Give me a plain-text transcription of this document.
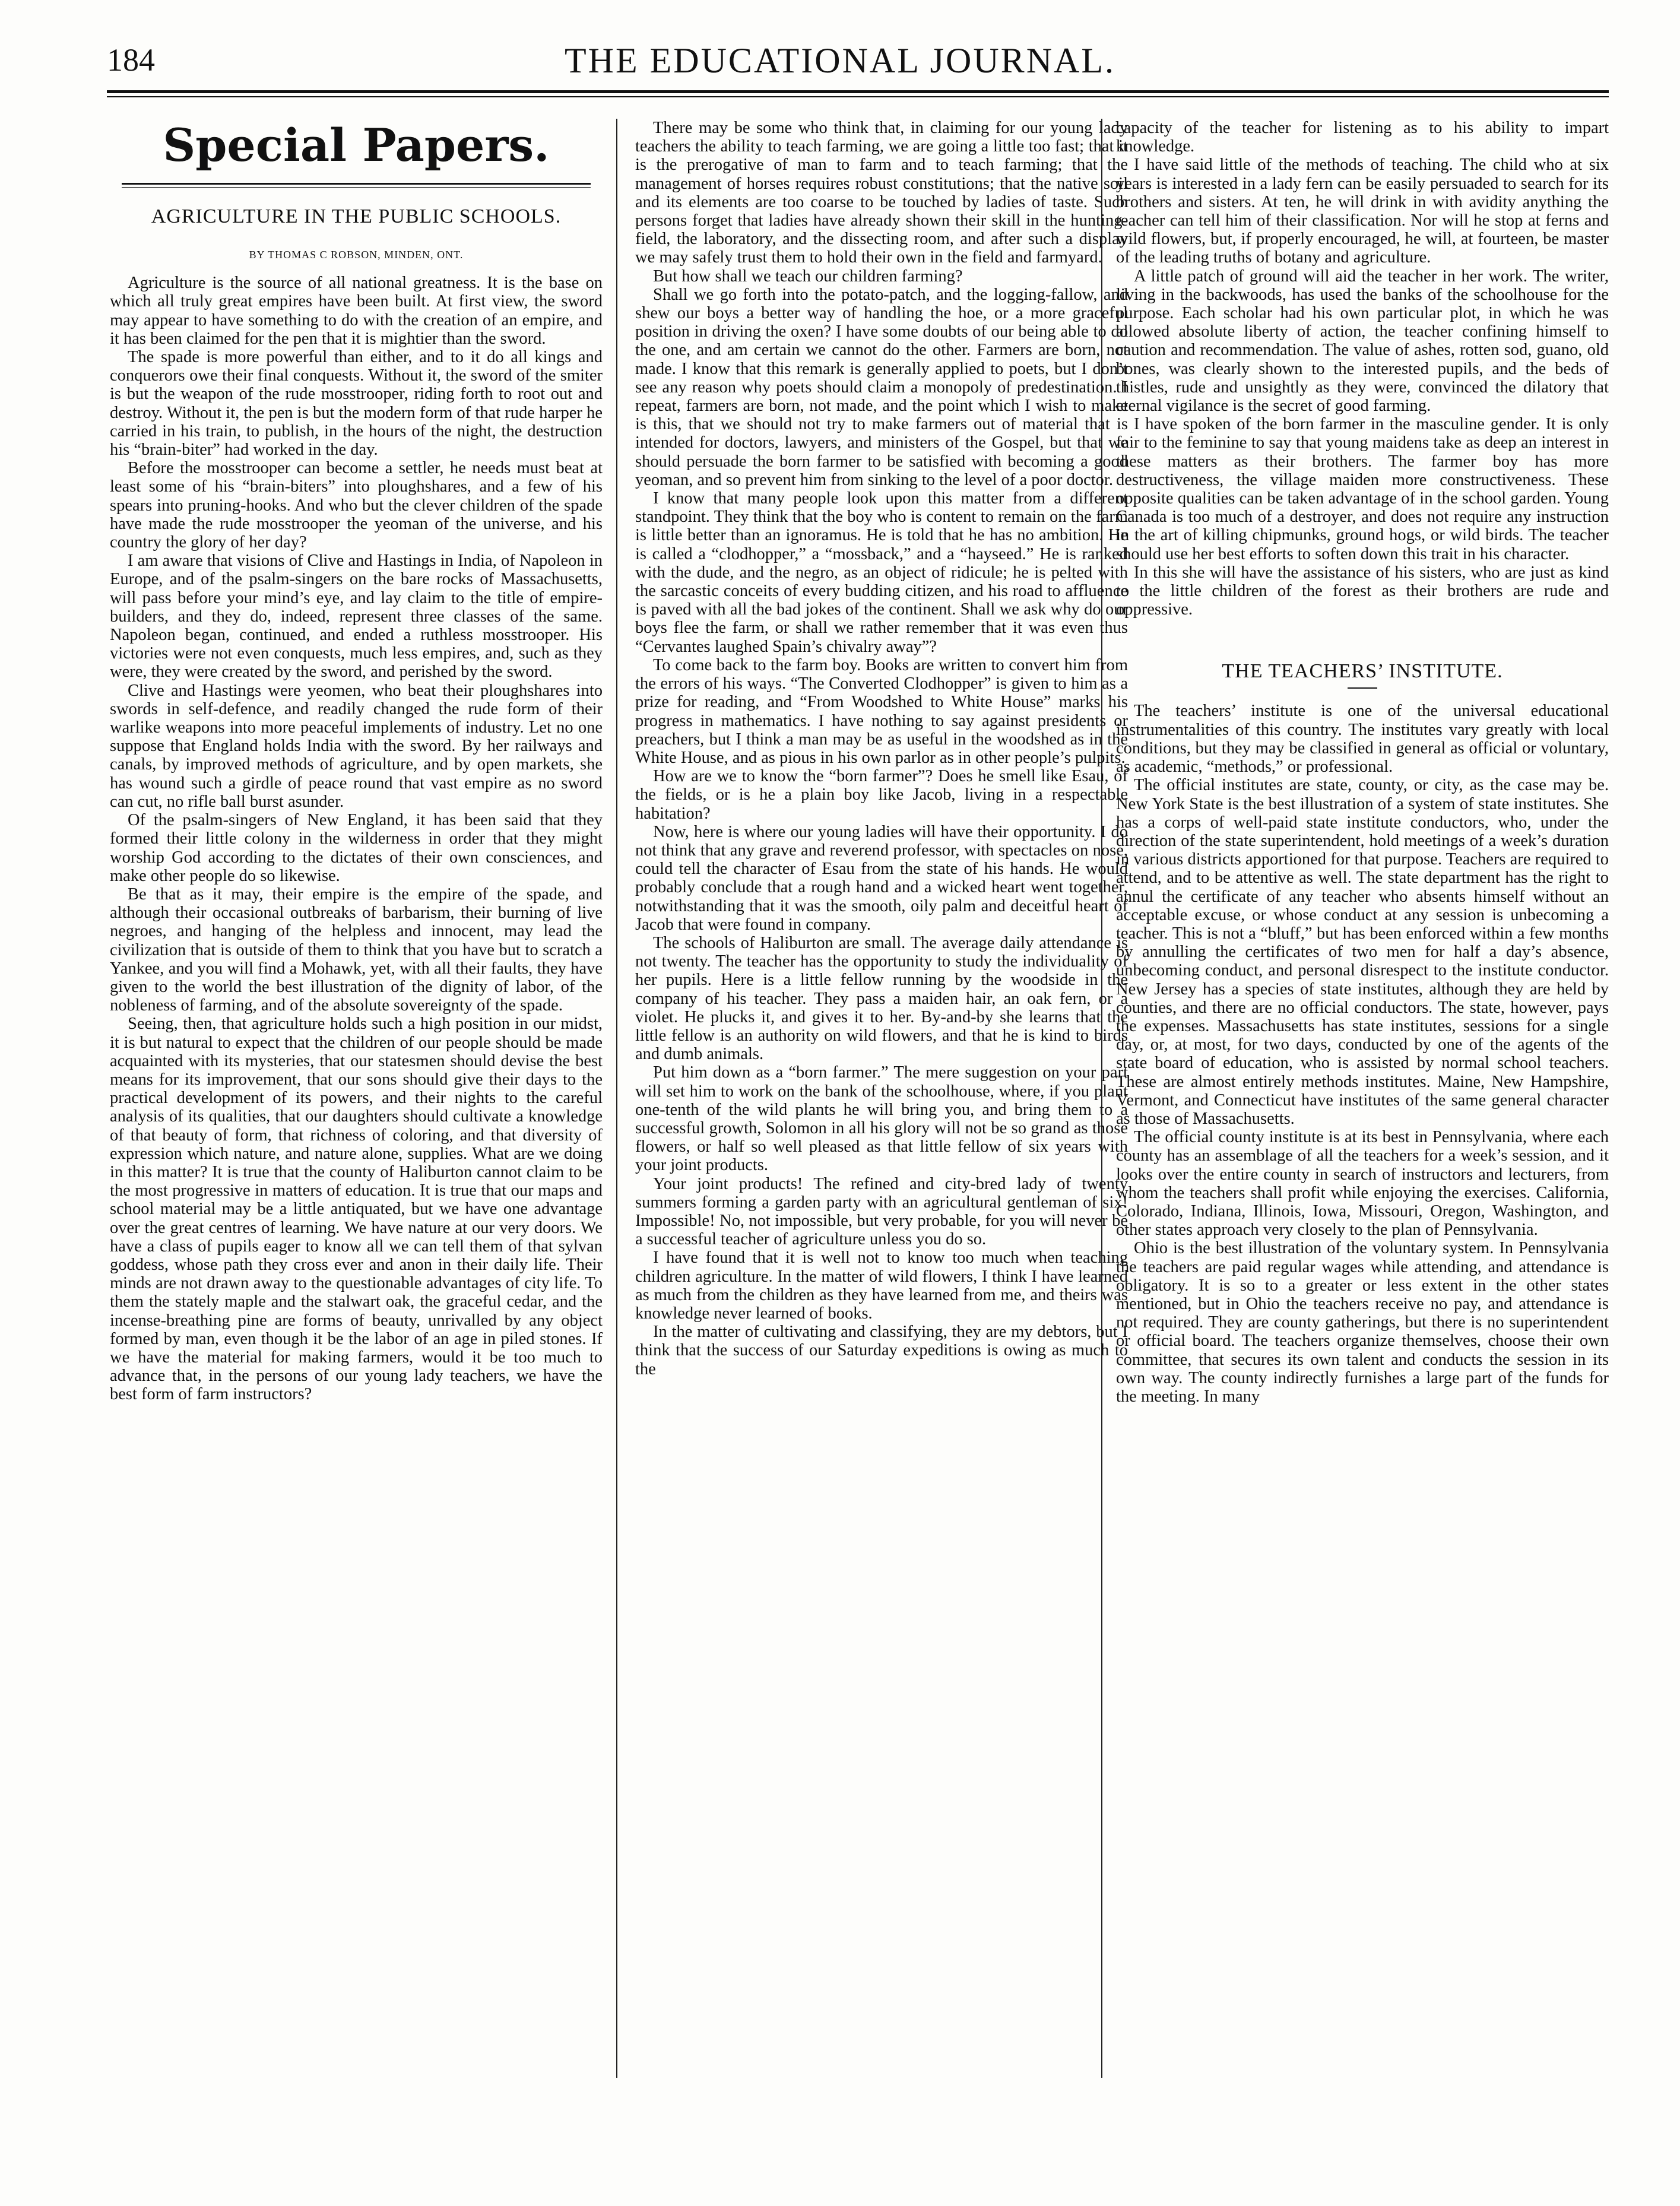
184	THE EDUCATIONAL JOURNAL.
Special Papers.
AGRICULTURE IN THE PUBLIC SCHOOLS.
BY THOMAS C ROBSON, MINDEN, ONT.

Agriculture is the source of all national greatness. It is the base on which all truly great empires have been built. At first view, the sword may appear to have something to do with the creation of an empire, and it has been claimed for the pen that it is mightier than the sword.

The spade is more powerful than either, and to it do all kings and conquerors owe their final conquests. Without it, the sword of the smiter is but the weapon of the rude mosstrooper, riding forth to root out and destroy. Without it, the pen is but the modern form of that rude harper he carried in his train, to publish, in the hours of the night, the destruction his “brain-biter” had worked in the day.

Before the mosstrooper can become a settler, he needs must beat at least some of his “brain-biters” into ploughshares, and a few of his spears into pruning-hooks. And who but the clever children of the spade have made the rude mosstrooper the yeoman of the universe, and his country the glory of her day?

I am aware that visions of Clive and Hastings in India, of Napoleon in Europe, and of the psalm-singers on the bare rocks of Massachusetts, will pass before your mind’s eye, and lay claim to the title of empire-builders, and they do, indeed, represent three classes of the same. Napoleon began, continued, and ended a ruthless mosstrooper. His victories were not even conquests, much less empires, and, such as they were, they were created by the sword, and perished by the sword.

Clive and Hastings were yeomen, who beat their ploughshares into swords in self-defence, and readily changed the rude form of their warlike weapons into more peaceful implements of industry. Let no one suppose that England holds India with the sword. By her railways and canals, by improved methods of agriculture, and by open markets, she has wound such a girdle of peace round that vast empire as no sword can cut, no rifle ball burst asunder.

Of the psalm-singers of New England, it has been said that they formed their little colony in the wilderness in order that they might worship God according to the dictates of their own consciences, and make other people do so likewise.

Be that as it may, their empire is the empire of the spade, and although their occasional outbreaks of barbarism, their burning of live negroes, and hanging of the helpless and innocent, may lead the civilization that is outside of them to think that you have but to scratch a Yankee, and you will find a Mohawk, yet, with all their faults, they have given to the world the best illustration of the dignity of labor, of the nobleness of farming, and of the absolute sovereignty of the spade.

Seeing, then, that agriculture holds such a high position in our midst, it is but natural to expect that the children of our people should be made acquainted with its mysteries, that our statesmen should devise the best means for its improvement, that our sons should give their days to the practical development of its powers, and their nights to the careful analysis of its qualities, that our daughters should cultivate a knowledge of that beauty of form, that richness of coloring, and that diversity of expression which nature, and nature alone, supplies. What are we doing in this matter? It is true that the county of Haliburton cannot claim to be the most progressive in matters of education. It is true that our maps and school material may be a little antiquated, but we have one advantage over the great centres of learning. We have nature at our very doors. We have a class of pupils eager to know all we can tell them of that sylvan goddess, whose path they cross ever and anon in their daily life. Their minds are not drawn away to the questionable advantages of city life. To them the stately maple and the stalwart oak, the graceful cedar, and the incense-breathing pine are forms of beauty, unrivalled by any object formed by man, even though it be the labor of an age in piled stones. If we have the material for making farmers, would it be too much to advance that, in the persons of our young lady teachers, we have the best form of farm instructors?

There may be some who think that, in claiming for our young lady teachers the ability to teach farming, we are going a little too fast; that it is the prerogative of man to farm and to teach farming; that the management of horses requires robust constitutions; that the native soil and its elements are too coarse to be touched by ladies of taste. Such persons forget that ladies have already shown their skill in the hunting-field, the laboratory, and the dissecting room, and after such a display we may safely trust them to hold their own in the field and farmyard.

But how shall we teach our children farming?

Shall we go forth into the potato-patch, and the logging-fallow, and shew our boys a better way of handling the hoe, or a more graceful position in driving the oxen? I have some doubts of our being able to do the one, and am certain we cannot do the other. Farmers are born, not made. I know that this remark is generally applied to poets, but I don’t see any reason why poets should claim a monopoly of predestination. I repeat, farmers are born, not made, and the point which I wish to make is this, that we should not try to make farmers out of material that is intended for doctors, lawyers, and ministers of the Gospel, but that we should persuade the born farmer to be satisfied with becoming a good yeoman, and so prevent him from sinking to the level of a poor doctor.

I know that many people look upon this matter from a different standpoint. They think that the boy who is content to remain on the farm is little better than an ignoramus. He is told that he has no ambition. He is called a “clodhopper,” a “mossback,” and a “hayseed.” He is ranked with the dude, and the negro, as an object of ridicule; he is pelted with the sarcastic conceits of every budding citizen, and his road to affluence is paved with all the bad jokes of the continent. Shall we ask why do our boys flee the farm, or shall we rather remember that it was even thus “Cervantes laughed Spain’s chivalry away”?

To come back to the farm boy. Books are written to convert him from the errors of his ways. “The Converted Clodhopper” is given to him as a prize for reading, and “From Woodshed to White House” marks his progress in mathematics. I have nothing to say against presidents or preachers, but I think a man may be as useful in the woodshed as in the White House, and as pious in his own parlor as in other people’s pulpits.

How are we to know the “born farmer”? Does he smell like Esau, of the fields, or is he a plain boy like Jacob, living in a respectable habitation?

Now, here is where our young ladies will have their opportunity. I do not think that any grave and reverend professor, with spectacles on nose, could tell the character of Esau from the state of his hands. He would probably conclude that a rough hand and a wicked heart went together, notwithstanding that it was the smooth, oily palm and deceitful heart of Jacob that were found in company.

The schools of Haliburton are small. The average daily attendance is not twenty. The teacher has the opportunity to study the individuality of her pupils. Here is a little fellow running by the woodside in the company of his teacher. They pass a maiden hair, an oak fern, or a violet. He plucks it, and gives it to her. By-and-by she learns that the little fellow is an authority on wild flowers, and that he is kind to birds and dumb animals.

Put him down as a “born farmer.” The mere suggestion on your part will set him to work on the bank of the schoolhouse, where, if you plant one-tenth of the wild plants he will bring you, and bring them to a successful growth, Solomon in all his glory will not be so grand as those flowers, or half so well pleased as that little fellow of six years with your joint products.

Your joint products! The refined and city-bred lady of twenty summers forming a garden party with an agricultural gentleman of six! Impossible! No, not impossible, but very probable, for you will never be a successful teacher of agriculture unless you do so.

I have found that it is well not to know too much when teaching children agriculture. In the matter of wild flowers, I think I have learned as much from the children as they have learned from me, and theirs was knowledge never learned of books.

In the matter of cultivating and classifying, they are my debtors, but I think that the success of our Saturday expeditions is owing as much to the

capacity of the teacher for listening as to his ability to impart knowledge.

I have said little of the methods of teaching. The child who at six years is interested in a lady fern can be easily persuaded to search for its brothers and sisters. At ten, he will drink in with avidity anything the teacher can tell him of their classification. Nor will he stop at ferns and wild flowers, but, if properly encouraged, he will, at fourteen, be master of the leading truths of botany and agriculture.

A little patch of ground will aid the teacher in her work. The writer, living in the backwoods, has used the banks of the schoolhouse for the purpose. Each scholar had his own particular plot, in which he was allowed absolute liberty of action, the teacher confining himself to caution and recommendation. The value of ashes, rotten sod, guano, old bones, was clearly shown to the interested pupils, and the beds of thistles, rude and unsightly as they were, convinced the dilatory that eternal vigilance is the secret of good farming.

I have spoken of the born farmer in the masculine gender. It is only fair to the feminine to say that young maidens take as deep an interest in these matters as their brothers. The farmer boy has more destructiveness, the village maiden more constructiveness. These opposite qualities can be taken advantage of in the school garden. Young Canada is too much of a destroyer, and does not require any instruction in the art of killing chipmunks, ground hogs, or wild birds. The teacher should use her best efforts to soften down this trait in his character.

In this she will have the assistance of his sisters, who are just as kind to the little children of the forest as their brothers are rude and oppressive.

THE TEACHERS’ INSTITUTE.

The teachers’ institute is one of the universal educational instrumentalities of this country. The institutes vary greatly with local conditions, but they may be classified in general as official or voluntary, as academic, “methods,” or professional.

The official institutes are state, county, or city, as the case may be. New York State is the best illustration of a system of state institutes. She has a corps of well-paid state institute conductors, who, under the direction of the state superintendent, hold meetings of a week’s duration in various districts apportioned for that purpose. Teachers are required to attend, and to be attentive as well. The state department has the right to annul the certificate of any teacher who absents himself without an acceptable excuse, or whose conduct at any session is unbecoming a teacher. This is not a “bluff,” but has been enforced within a few months by annulling the certificates of two men for half a day’s absence, unbecoming conduct, and personal disrespect to the institute conductor. New Jersey has a species of state institutes, although they are held by counties, and there are no official conductors. The state, however, pays the expenses. Massachusetts has state institutes, sessions for a single day, or, at most, for two days, conducted by one of the agents of the state board of education, who is assisted by normal school teachers. These are almost entirely methods institutes. Maine, New Hampshire, Vermont, and Connecticut have institutes of the same general character as those of Massachusetts.

The official county institute is at its best in Pennsylvania, where each county has an assemblage of all the teachers for a week’s session, and it looks over the entire county in search of instructors and lecturers, from whom the teachers shall profit while enjoying the exercises. California, Colorado, Indiana, Illinois, Iowa, Missouri, Oregon, Washington, and other states approach very closely to the plan of Pennsylvania.

Ohio is the best illustration of the voluntary system. In Pennsylvania the teachers are paid regular wages while attending, and attendance is obligatory. It is so to a greater or less extent in the other states mentioned, but in Ohio the teachers receive no pay, and attendance is not required. They are county gatherings, but there is no superintendent or official board. The teachers organize themselves, choose their own committee, that secures its own talent and conducts the session in its own way. The county indirectly furnishes a large part of the funds for the meeting. In many
